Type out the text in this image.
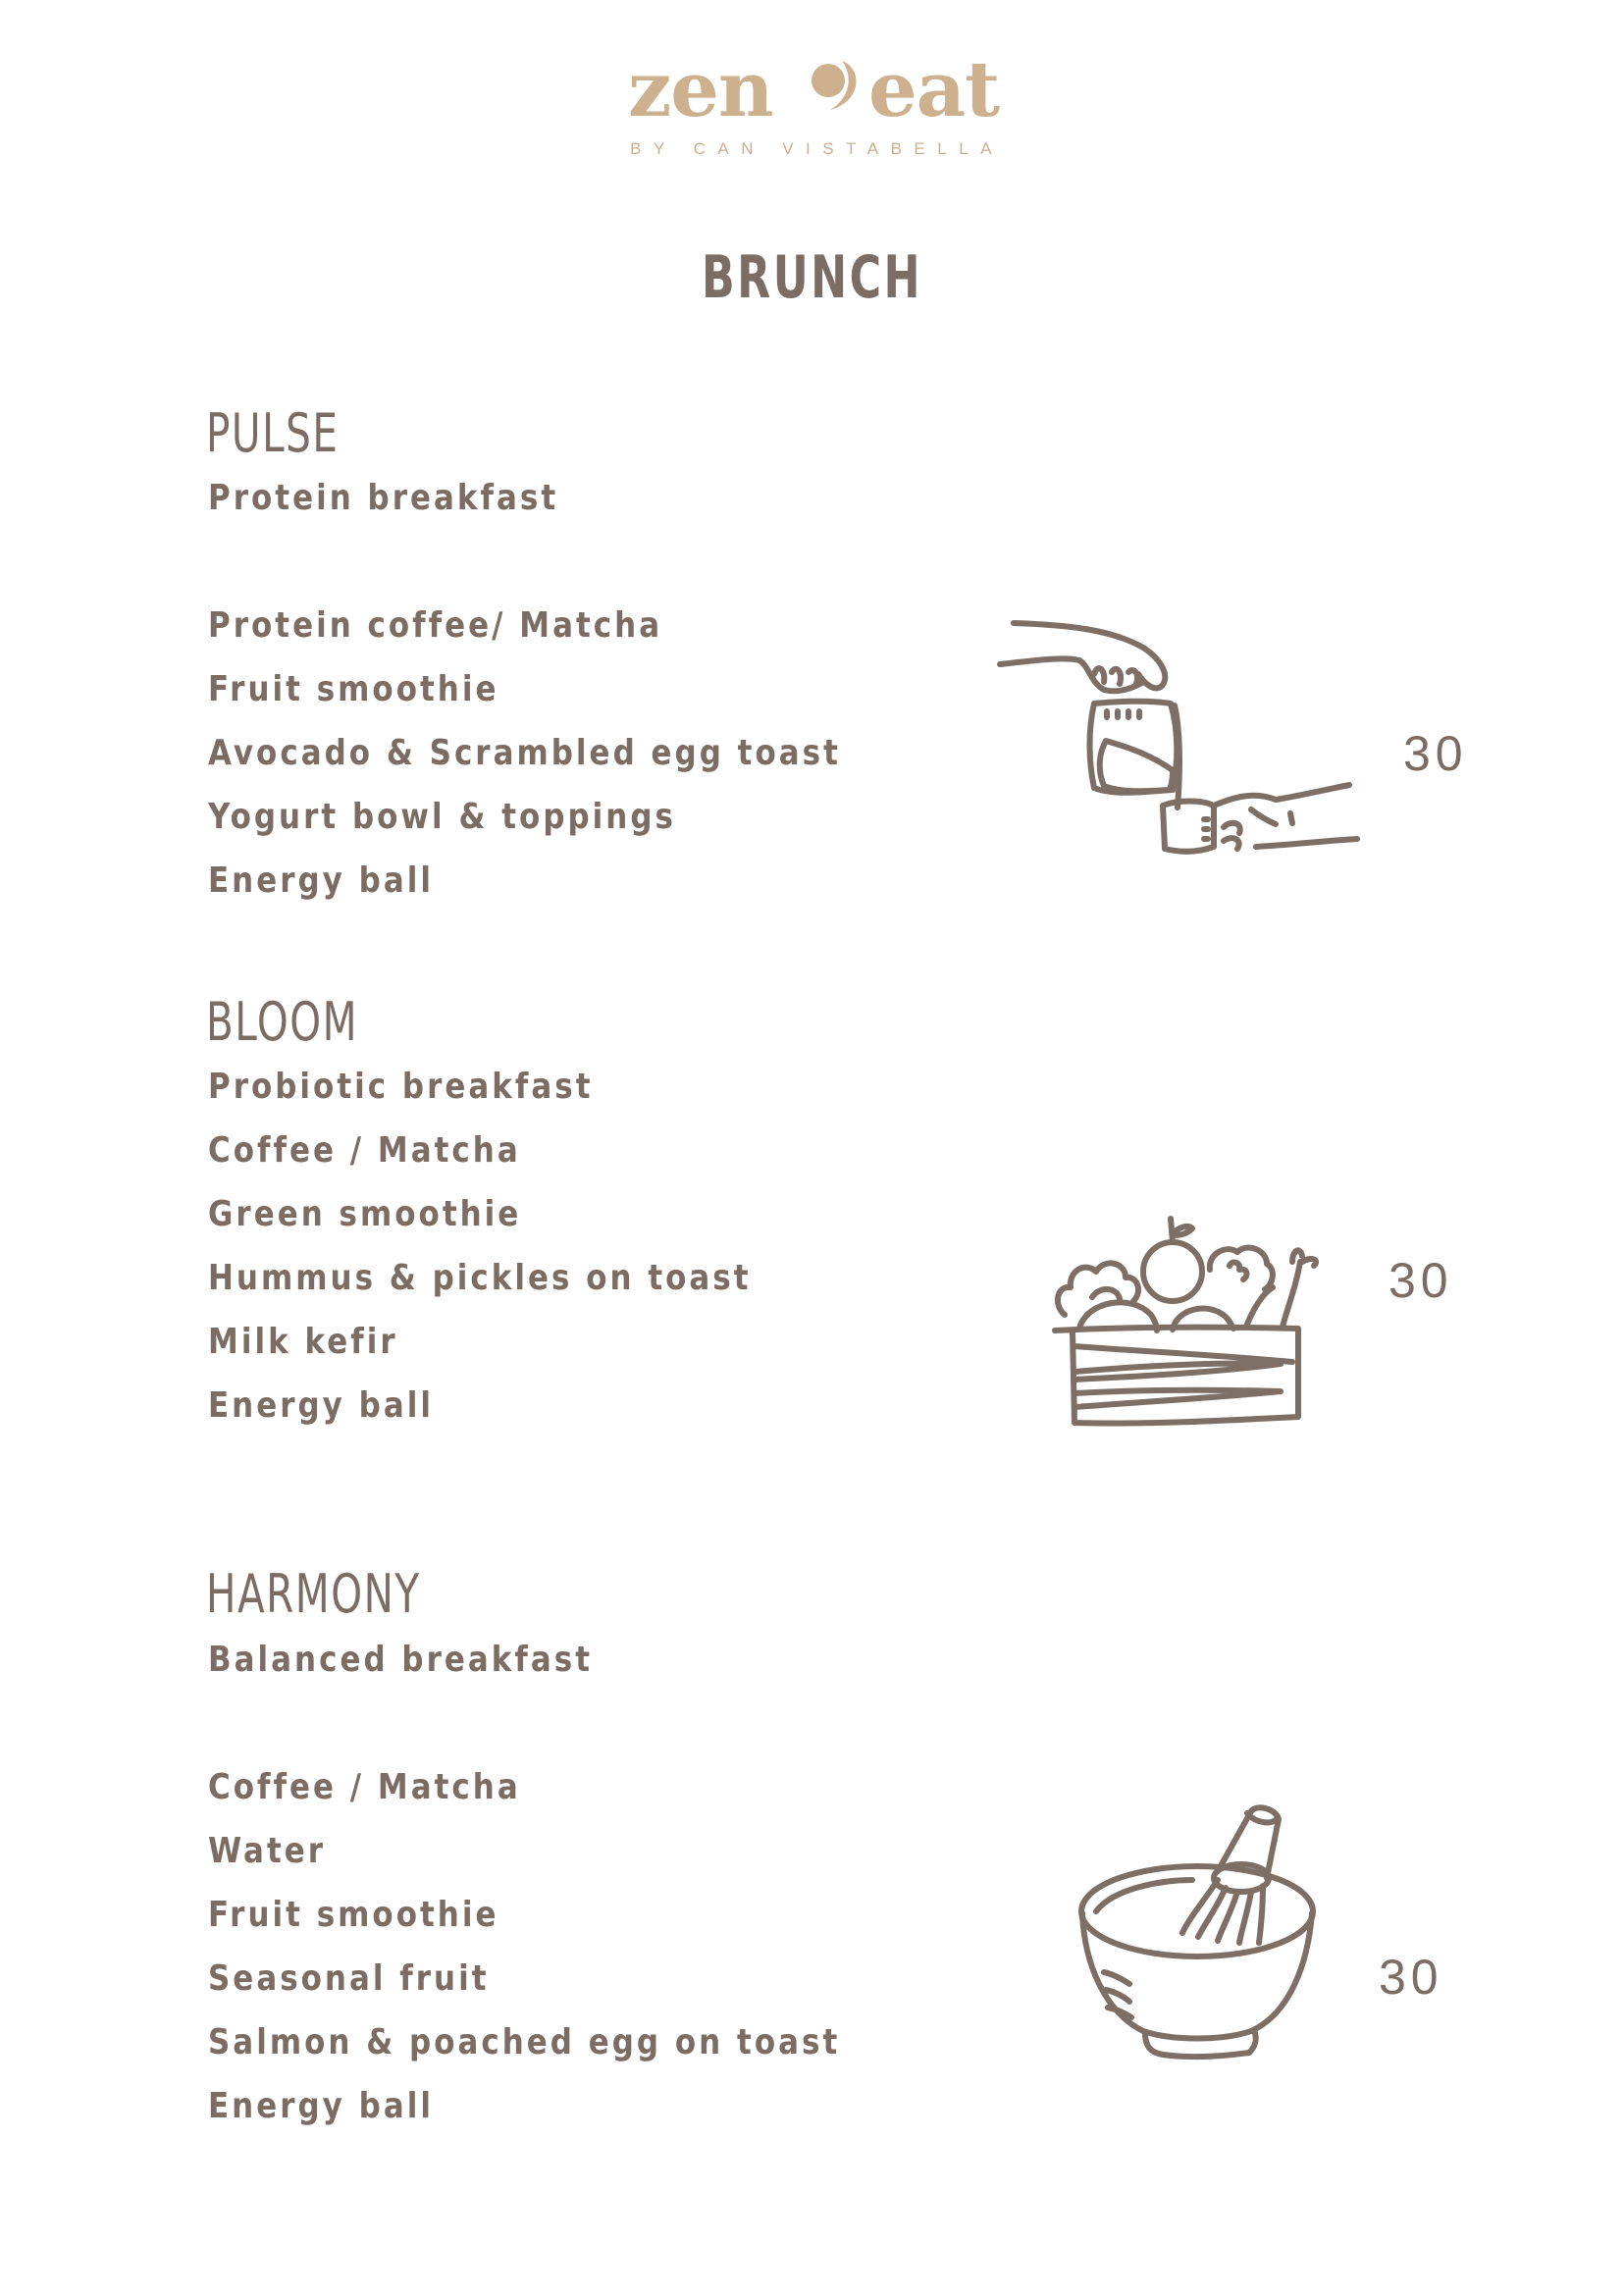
zen eat
BY CAN VISTABELLA
BRUNCH
PULSE
Protein breakfast
Protein coffee/ Matcha
Fruit smoothie
Avocado & Scrambled egg toast
Yogurt bowl & toppings
Energy ball
30
BLOOM
Probiotic breakfast
Coffee / Matcha
Green smoothie
Hummus & pickles on toast
Milk kefir
Energy ball
30
HARMONY
Balanced breakfast
Coffee / Matcha
Water
Fruit smoothie
Seasonal fruit
Salmon & poached egg on toast
Energy ball
30
